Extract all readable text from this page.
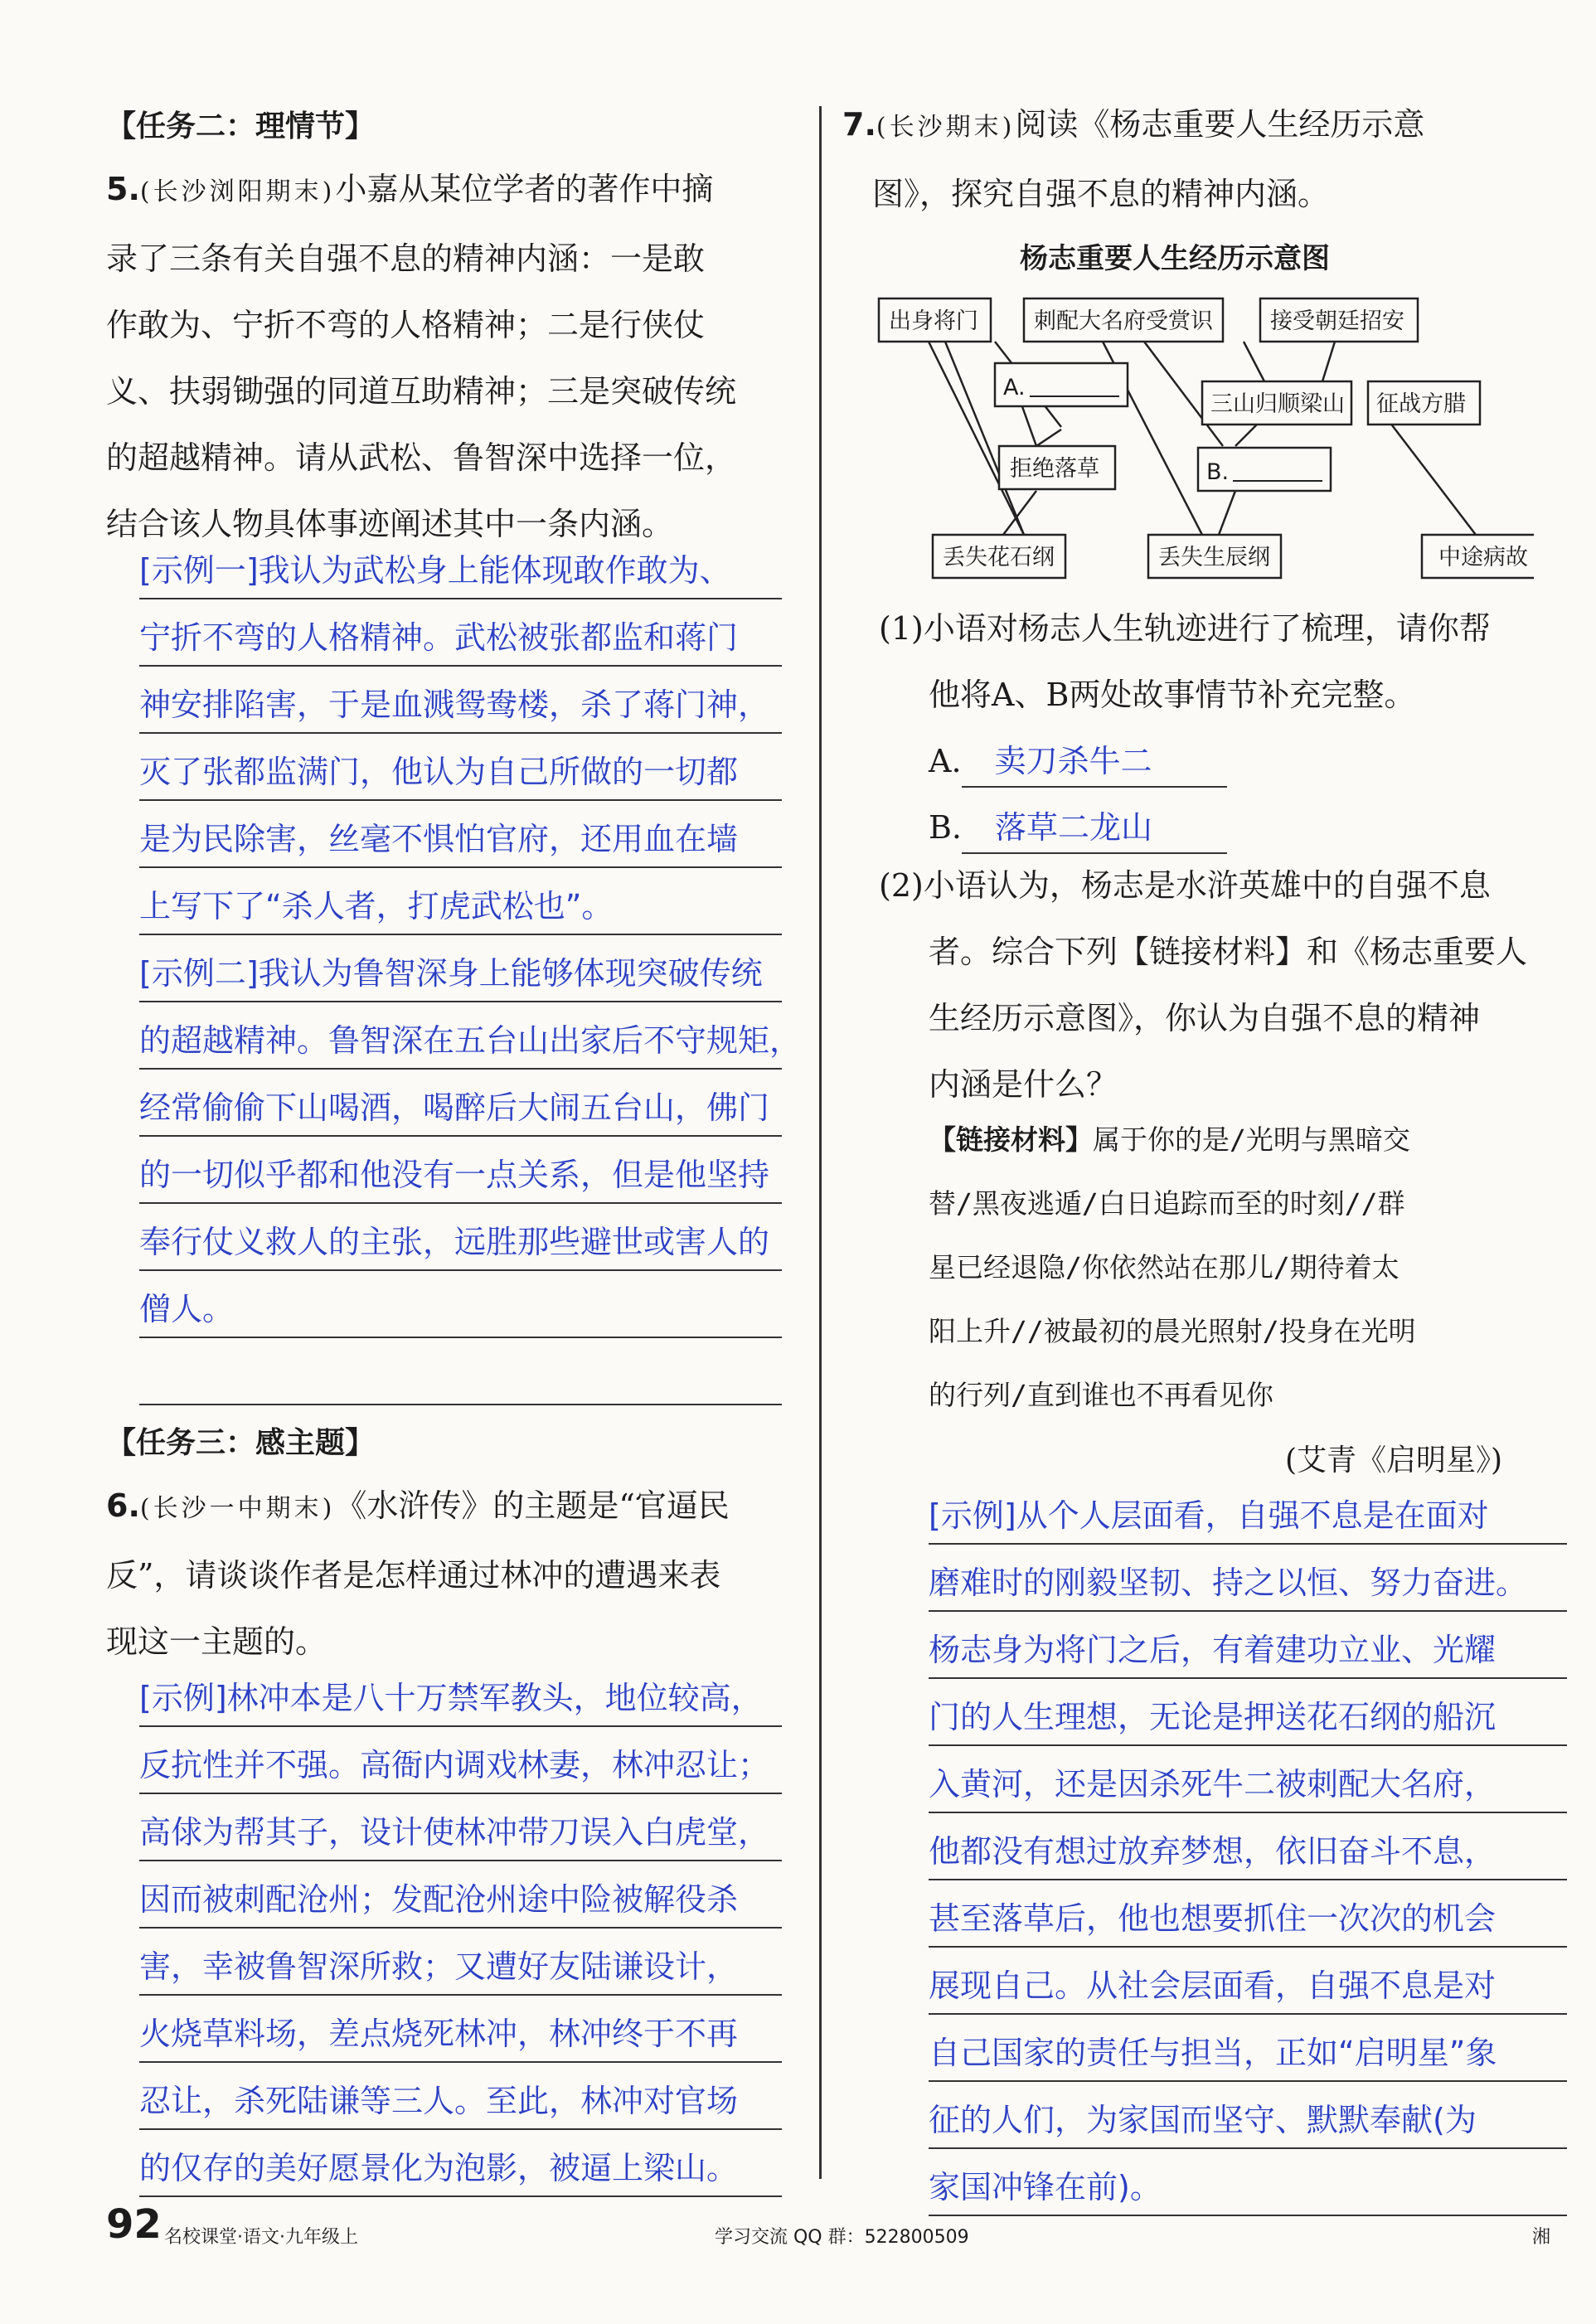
【任务二：理情节】
5.(长沙浏阳期末)小嘉从某位学者的著作中摘
录了三条有关自强不息的精神内涵：一是敢
作敢为、宁折不弯的人格精神；二是行侠仗
义、扶弱锄强的同道互助精神；三是突破传统
的超越精神。请从武松、鲁智深中选择一位，
结合该人物具体事迹阐述其中一条内涵。
[示例一]我认为武松身上能体现敢作敢为、
宁折不弯的人格精神。武松被张都监和蒋门
神安排陷害，于是血溅鸳鸯楼，杀了蒋门神，
灭了张都监满门，他认为自己所做的一切都
是为民除害，丝毫不惧怕官府，还用血在墙
上写下了“杀人者，打虎武松也”。
[示例二]我认为鲁智深身上能够体现突破传统
的超越精神。鲁智深在五台山出家后不守规矩，
经常偷偷下山喝酒，喝醉后大闹五台山，佛门
的一切似乎都和他没有一点关系，但是他坚持
奉行仗义救人的主张，远胜那些避世或害人的
僧人。
【任务三：感主题】
6.(长沙一中期末)《水浒传》的主题是“官逼民
反”，请谈谈作者是怎样通过林冲的遭遇来表
现这一主题的。
[示例]林冲本是八十万禁军教头，地位较高，
反抗性并不强。高衙内调戏林妻，林冲忍让；
高俅为帮其子，设计使林冲带刀误入白虎堂，
因而被刺配沧州；发配沧州途中险被解役杀
害，幸被鲁智深所救；又遭好友陆谦设计，
火烧草料场，差点烧死林冲，林冲终于不再
忍让，杀死陆谦等三人。至此，林冲对官场
的仅存的美好愿景化为泡影，被逼上梁山。
7.(长沙期末)阅读《杨志重要人生经历示意
图》，探究自强不息的精神内涵。
杨志重要人生经历示意图
出身将门 刺配大名府受赏识	接受朝廷招安
A.
三山归顺梁山 征战方腊
拒绝落草	B.
丢失花石纲	丢失生辰纲	中途病故
(1)小语对杨志人生轨迹进行了梳理，请你帮
他将A、B两处故事情节补充完整。
A. 卖刀杀牛二
B. 落草二龙山
(2)小语认为，杨志是水浒英雄中的自强不息
者。综合下列【链接材料】和《杨志重要人
生经历示意图》，你认为自强不息的精神
内涵是什么？
【链接材料】属于你的是/光明与黑暗交
替/黑夜逃遁/白日追踪而至的时刻//群
星已经退隐/你依然站在那儿/期待着太
阳上升//被最初的晨光照射/投身在光明
的行列/直到谁也不再看见你
(艾青《启明星》)
[示例]从个人层面看，自强不息是在面对
磨难时的刚毅坚韧、持之以恒、努力奋进。
杨志身为将门之后，有着建功立业、光耀
门的人生理想，无论是押送花石纲的船沉
入黄河，还是因杀死牛二被刺配大名府，
他都没有想过放弃梦想，依旧奋斗不息，
甚至落草后，他也想要抓住一次次的机会
展现自己。从社会层面看，自强不息是对
自己国家的责任与担当，正如“启明星”象
征的人们，为家国而坚守、默默奉献(为
家国冲锋在前)。
92 名校课堂·语文·九年级上	学习交流 QQ 群：522800509	湘
